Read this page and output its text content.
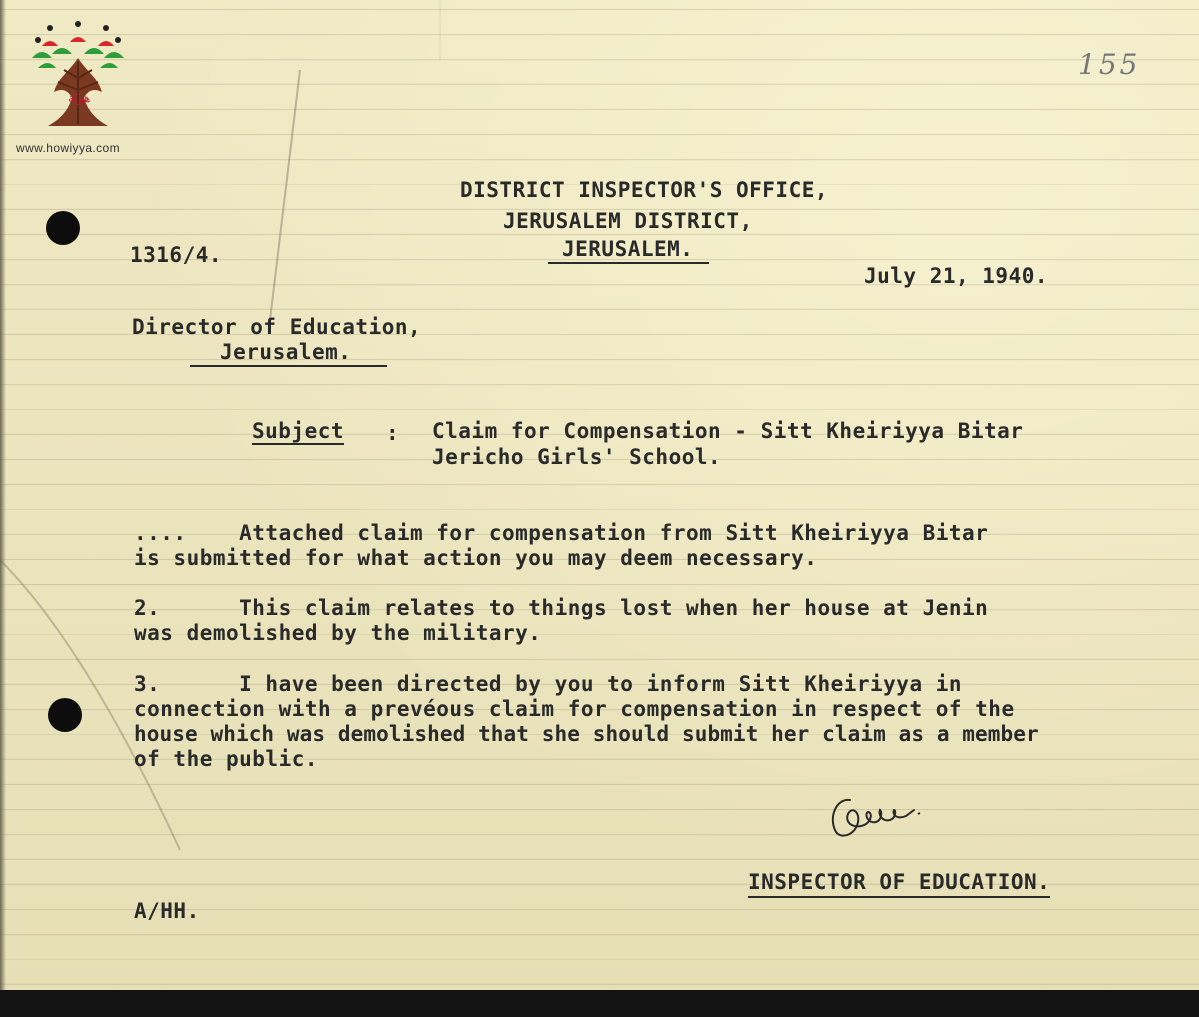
هويّة
www.howiyya.com
155
DISTRICT INSPECTOR'S OFFICE,
JERUSALEM DISTRICT,
JERUSALEM.
1316/4.
July 21, 1940.
Director of Education,
Jerusalem.
Subject : Claim for Compensation - Sitt Kheiriyya Bitar
Jericho Girls' School.
....    Attached claim for compensation from Sitt Kheiriyya Bitar
is submitted for what action you may deem necessary.
2.      This claim relates to things lost when her house at Jenin
was demolished by the military.
3.      I have been directed by you to inform Sitt Kheiriyya in
connection with a prevéous claim for compensation in respect of the
house which was demolished that she should submit her claim as a member
of the public.
INSPECTOR OF EDUCATION.
A/HH.
